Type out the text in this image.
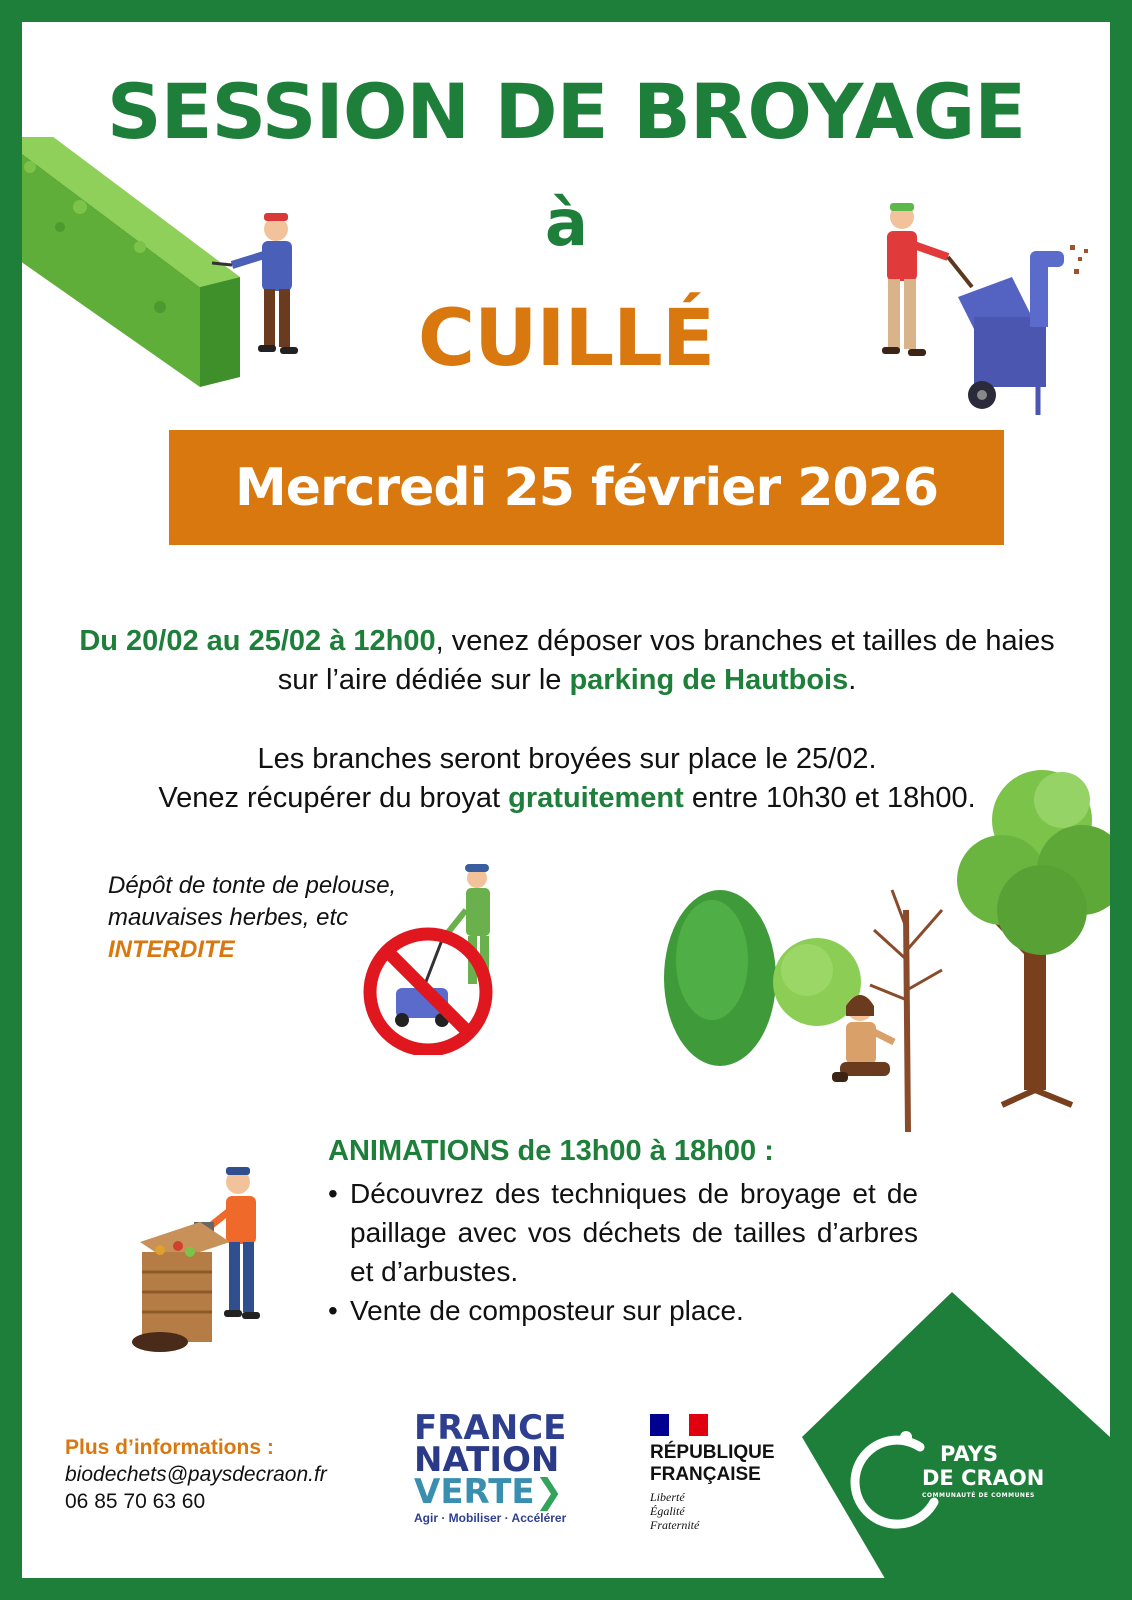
SESSION DE BROYAGE
à
CUILLÉ
Mercredi 25 février 2026

Du 20/02 au 25/02 à 12h00, venez déposer vos branches et tailles de haies sur l’aire dédiée sur le parking de Hautbois.

Les branches seront broyées sur place le 25/02.
Venez récupérer du broyat gratuitement entre 10h30 et 18h00.

Dépôt de tonte de pelouse,
mauvaises herbes, etc
INTERDITE

ANIMATIONS de 13h00 à 18h00 :

• Découvrez des techniques de broyage et de paillage avec vos déchets de tailles d’arbres et d’arbustes.
• Vente de composteur sur place.
Plus d’informations :
biodechets@paysdecraon.fr
06 85 70 63 60
FRANCE
NATION
VERTE❯
Agir · Mobiliser · Accélérer
RÉPUBLIQUE
FRANÇAISE
Liberté
Égalité
Fraternité
PAYS
DE CRAON
COMMUNAUTÉ DE COMMUNES
